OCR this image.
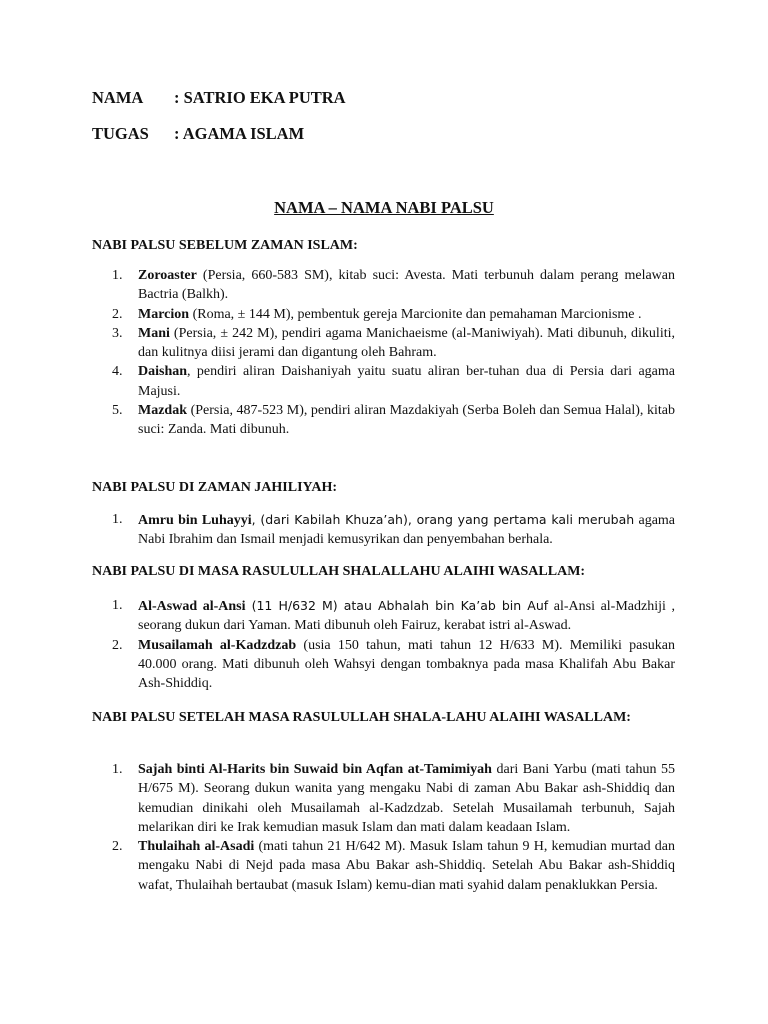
NAMA : SATRIO EKA PUTRA
TUGAS : AGAMA ISLAM
NAMA – NAMA NABI PALSU
NABI PALSU SEBELUM ZAMAN ISLAM:
1. Zoroaster (Persia, 660-583 SM), kitab suci: Avesta. Mati terbunuh dalam perang melawan Bactria (Balkh).
2. Marcion (Roma, ± 144 M), pembentuk gereja Marcionite dan pemahaman Marcionisme .
3. Mani (Persia, ± 242 M), pendiri agama Manichaeisme (al-Maniwiyah). Mati dibunuh, dikuliti, dan kulitnya diisi jerami dan digantung oleh Bahram.
4. Daishan, pendiri aliran Daishaniyah yaitu suatu aliran ber-tuhan dua di Persia dari agama Majusi.
5. Mazdak (Persia, 487-523 M), pendiri aliran Mazdakiyah (Serba Boleh dan Semua Halal), kitab suci: Zanda. Mati dibunuh.
NABI PALSU DI ZAMAN JAHILIYAH:
1. Amru bin Luhayyi, (dari Kabilah Khuza’ah), orang yang pertama kali merubah agama Nabi Ibrahim dan Ismail menjadi kemusyrikan dan penyembahan berhala.
NABI PALSU DI MASA RASULULLAH SHALALLAHU ALAIHI WASALLAM:
1. Al-Aswad al-Ansi (11 H/632 M) atau Abhalah bin Ka’ab bin Auf al-Ansi al-Madzhiji , seorang dukun dari Yaman. Mati dibunuh oleh Fairuz, kerabat istri al-Aswad.
2. Musailamah al-Kadzdzab (usia 150 tahun, mati tahun 12 H/633 M). Memiliki pasukan 40.000 orang. Mati dibunuh oleh Wahsyi dengan tombaknya pada masa Khalifah Abu Bakar Ash-Shiddiq.
NABI PALSU SETELAH MASA RASULULLAH SHALA-LAHU ALAIHI WASALLAM:
1. Sajah binti Al-Harits bin Suwaid bin Aqfan at-Tamimiyah dari Bani Yarbu (mati tahun 55 H/675 M). Seorang dukun wanita yang mengaku Nabi di zaman Abu Bakar ash-Shiddiq dan kemudian dinikahi oleh Musailamah al-Kadzdzab. Setelah Musailamah terbunuh, Sajah melarikan diri ke Irak kemudian masuk Islam dan mati dalam keadaan Islam.
2. Thulaihah al-Asadi (mati tahun 21 H/642 M). Masuk Islam tahun 9 H, kemudian murtad dan mengaku Nabi di Nejd pada masa Abu Bakar ash-Shiddiq. Setelah Abu Bakar ash-Shiddiq wafat, Thulaihah bertaubat (masuk Islam) kemu-dian mati syahid dalam penaklukkan Persia.
